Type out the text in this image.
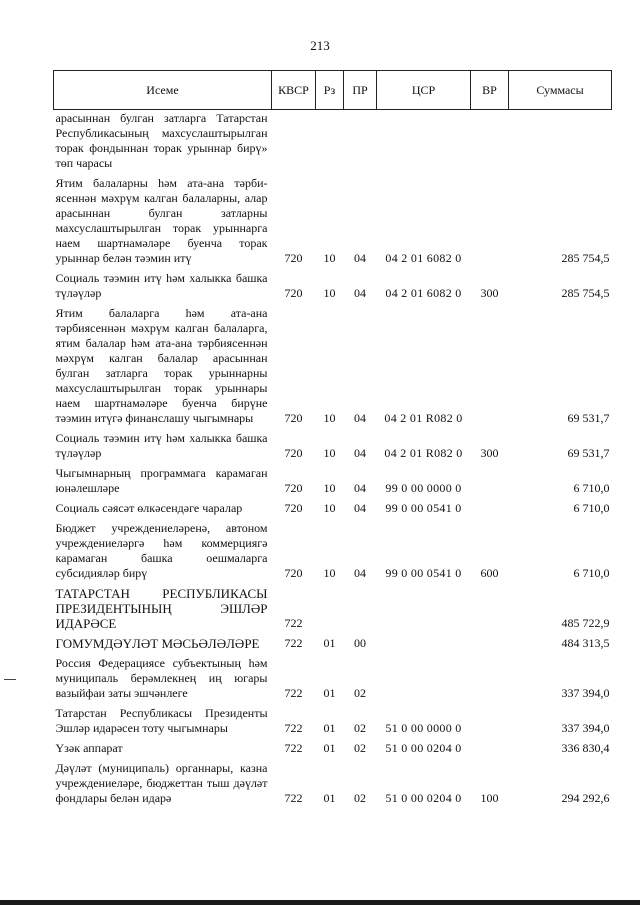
213
Исеме	КВСР	Рз	ПР	ЦСР	ВР	Суммасы
арасыннан булган затларга Татарстан Республикасының махсуслаштырылган торак фондыннан торак урыннар бирү» төп чарасы						
Ятим балаларны һәм ата-ана тәрби-ясеннән мәхрүм калган балаларны, алар арасыннан булган затларны махсуслаштырылган торак урыннарга наем шартнамәләре буенча торак урыннар белән тәэмин итү	720	10	04	04 2 01 6082 0		285 754,5
Социаль тәэмин итү һәм халыкка башка түләүләр	720	10	04	04 2 01 6082 0	300	285 754,5
Ятим балаларга һәм ата-ана тәрбиясеннән мәхрүм калган балаларга, ятим балалар һәм ата-ана тәрбиясеннән мәхрүм калган балалар арасыннан булган затларга торак урыннарны махсуслаштырылган торак урыннары наем шартнамәләре буенча бирүне тәэмин итүгә финанслашу чыгымнары	720	10	04	04 2 01 R082 0		69 531,7
Социаль тәэмин итү һәм халыкка башка түләүләр	720	10	04	04 2 01 R082 0	300	69 531,7
Чыгымнарның программага карамаган юнәлешләре	720	10	04	99 0 00 0000 0		6 710,0
Социаль сәясәт өлкәсендәге чаралар	720	10	04	99 0 00 0541 0		6 710,0
Бюджет учреждениеләренә, автоном учреждениеләргә һәм коммерциягә карамаган башка оешмаларга субсидияләр бирү	720	10	04	99 0 00 0541 0	600	6 710,0
ТАТАРСТАН РЕСПУБЛИКАСЫ ПРЕЗИДЕНТЫНЫҢ ЭШЛӘР ИДАРӘСЕ	722					485 722,9
ГОМУМДӘҮЛӘТ МӘСЬӘЛӘЛӘРЕ	722	01	00			484 313,5
Россия Федерациясе субъектының һәм муниципаль берәмлекнең иң югары вазыйфаи заты эшчәнлеге	722	01	02			337 394,0
Татарстан Республикасы Президенты Эшләр идарәсен тоту чыгымнары	722	01	02	51 0 00 0000 0		337 394,0
Үзәк аппарат	722	01	02	51 0 00 0204 0		336 830,4
Дәүләт (муниципаль) органнары, казна учреждениеләре, бюджеттан тыш дәүләт фондлары белән идарә	722	01	02	51 0 00 0204 0	100	294 292,6
